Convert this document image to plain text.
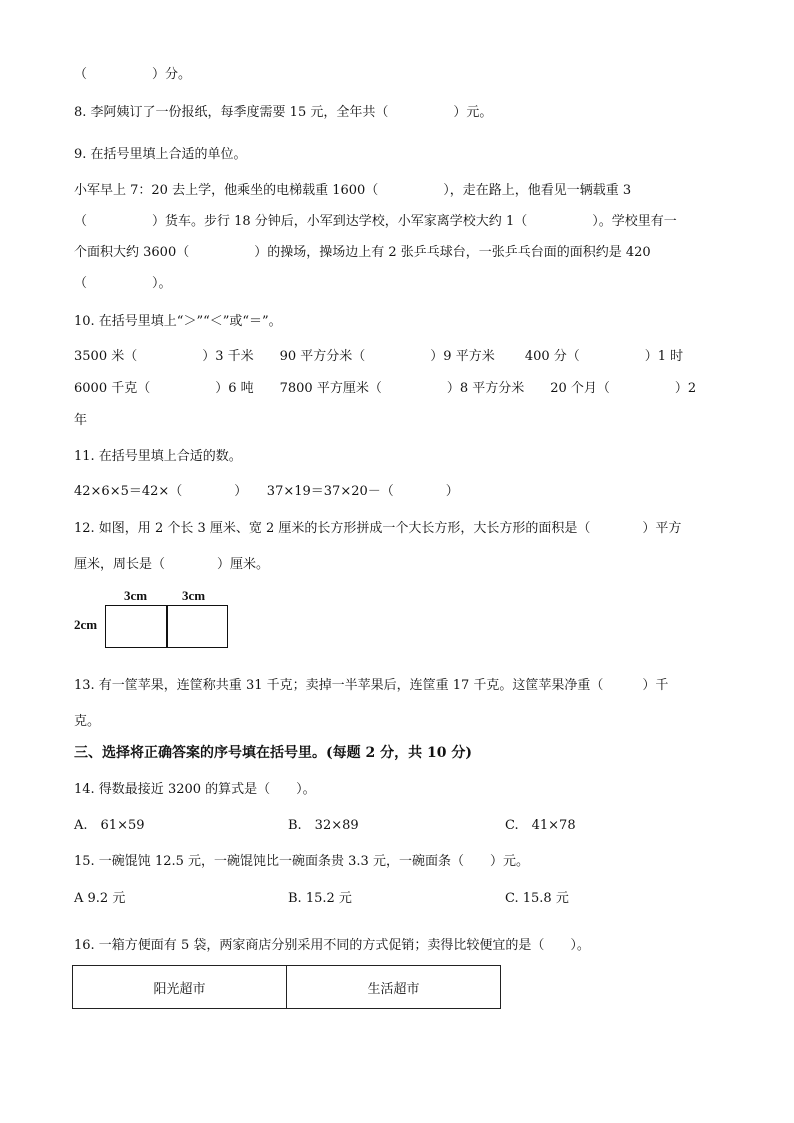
（　　　　　）分。
8. 李阿姨订了一份报纸，每季度需要 15 元，全年共（　　　　　）元。
9. 在括号里填上合适的单位。
小军早上 7：20 去上学，他乘坐的电梯载重 1600（　　　　　），走在路上，他看见一辆载重 3
（　　　　　）货车。步行 18 分钟后，小军到达学校，小军家离学校大约 1（　　　　　）。学校里有一
个面积大约 3600（　　　　　）的操场，操场边上有 2 张乒乓球台，一张乒乓台面的面积约是 420
（　　　　　）。
10. 在括号里填上“＞”“＜”或“＝”。
3500 米（　　　　　）3 千米　　90 平方分米（　　　　　）9 平方米　　 400 分（　　　　　）1 时
6000 千克（　　　　　）6 吨　　7800 平方厘米（　　　　　）8 平方分米　　20 个月（　　　　　）2
年
11. 在括号里填上合适的数。
42×6×5＝42×（　　　　）　　37×19＝37×20－（　　　　）
12. 如图，用 2 个长 3 厘米、宽 2 厘米的长方形拼成一个大长方形，大长方形的面积是（　　　　）平方
厘米，周长是（　　　　）厘米。
3cm	3cm
2cm
13. 有一筐苹果，连筐称共重 31 千克；卖掉一半苹果后，连筐重 17 千克。这筐苹果净重（　　　）千
克。
三、选择将正确答案的序号填在括号里。(每题 2 分，共 10 分)
14. 得数最接近 3200 的算式是（　　）。
A.　61×59	B.　32×89	C.　41×78
15. 一碗馄饨 12.5 元，一碗馄饨比一碗面条贵 3.3 元，一碗面条（　　）元。
A 9.2 元	B. 15.2 元	C. 15.8 元
16. 一箱方便面有 5 袋，两家商店分别采用不同的方式促销；卖得比较便宜的是（　　）。
阳光超市	生活超市
